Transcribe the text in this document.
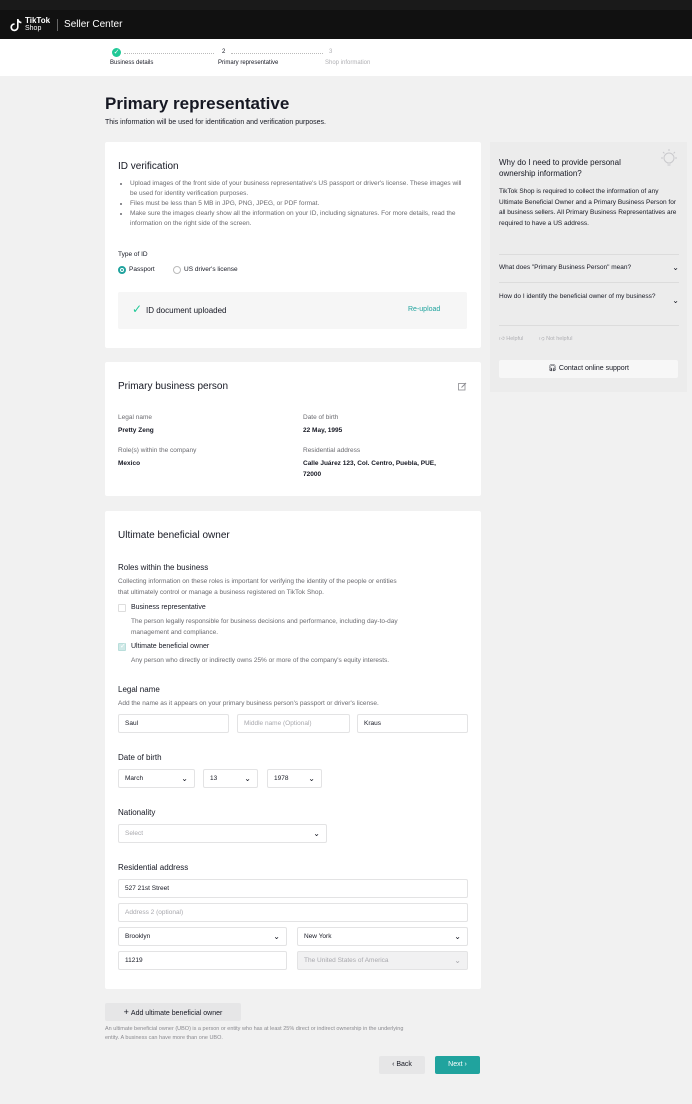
TikTok
Shop	Seller Center
✓
Business details
2
Primary representative
3
Shop information
Primary representative
This information will be used for identification and verification purposes.
ID verification
• Upload images of the front side of your business representative's US passport or driver's license. These images will be used for identity verification purposes.
• Files must be less than 5 MB in JPG, PNG, JPEG, or PDF format.
• Make sure the images clearly show all the information on your ID, including signatures. For more details, read the information on the right side of the screen.
Type of ID
Passport	US driver's license
✓ ID document uploaded	Re-upload
Primary business person
Legal name
Pretty Zeng
Date of birth
22 May, 1995
Role(s) within the company
Mexico
Residential address
Calle Juárez 123, Col. Centro, Puebla, PUE,
72000
Ultimate beneficial owner
Roles within the business
Collecting information on these roles is important for verifying the identity of the people or entities
that ultimately control or manage a business registered on TikTok Shop.
Business representative
The person legally responsible for business decisions and performance, including day-to-day
management and compliance.
✓
Ultimate beneficial owner
Any person who directly or indirectly owns 25% or more of the company's equity interests.
Legal name
Add the name as it appears on your primary business person's passport or driver's license.
Saul	Middle name (Optional)	Kraus
Date of birth
March	⌄	13	⌄	1978 ⌄
Nationality
Select	⌄
Residential address
527 21st Street
Address 2 (optional)
Brooklyn	⌄	New York	⌄
11219	The United States of America	⌄
+ Add ultimate beneficial owner
An ultimate beneficial owner (UBO) is a person or entity who has at least 25% direct or indirect ownership in the underlying
entity. A business can have more than one UBO.
‹ Back	Next ›
Why do I need to provide personal ownership information?
TikTok Shop is required to collect the information of any Ultimate Beneficial Owner and a Primary Business Person for all business sellers. All Primary Business Representatives are required to have a US address.
What does "Primary Business Person" mean?	⌄
How do I identify the beneficial owner of my business?	⌄
👍︎ Helpful	👎︎ Not helpful
🎧︎ Contact online support
